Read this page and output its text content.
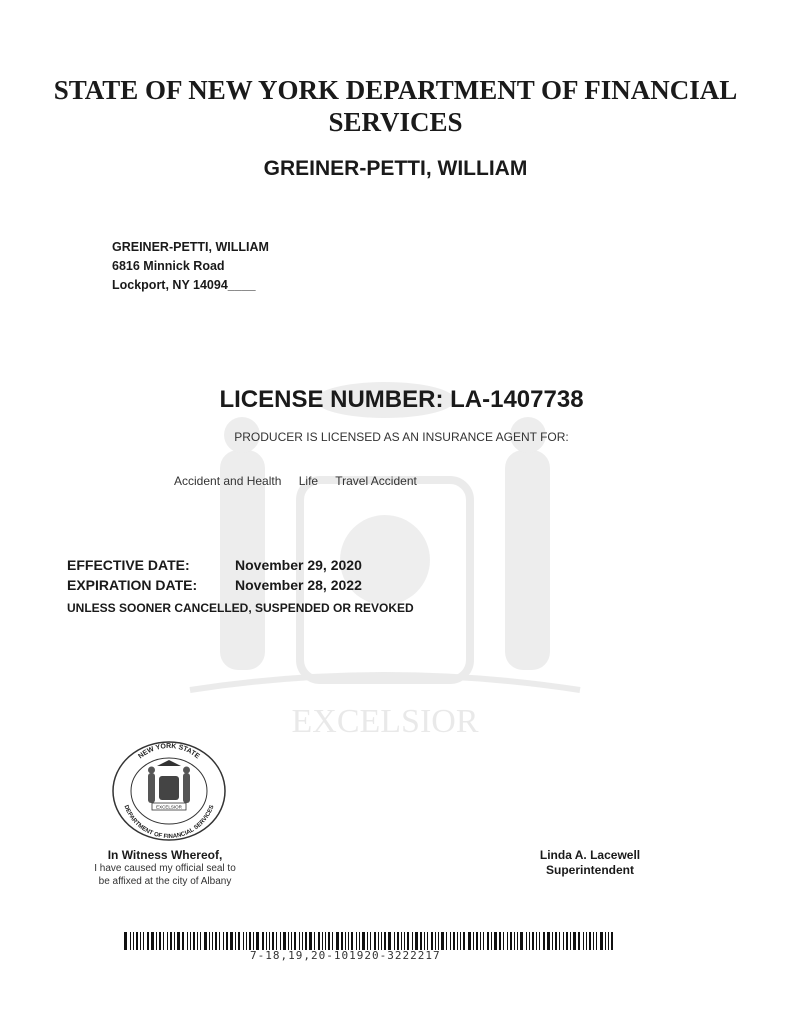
EXCELSIOR
STATE OF NEW YORK DEPARTMENT OF FINANCIAL SERVICES
GREINER-PETTI, WILLIAM
GREINER-PETTI, WILLIAM
6816 Minnick Road
Lockport, NY 14094____
LICENSE NUMBER: LA-1407738
PRODUCER IS LICENSED AS AN INSURANCE AGENT FOR:
Accident and Health Life Travel Accident
EFFECTIVE DATE:	November 29, 2020
EXPIRATION DATE:	November 28, 2022
UNLESS SOONER CANCELLED, SUSPENDED OR REVOKED
NEW YORK STATE
DEPARTMENT OF FINANCIAL SERVICES
EXCELSIOR
In Witness Whereof,
I have caused my official seal to
be affixed at the city of Albany
Linda A. Lacewell
Superintendent
7-18,19,20-101920-3222217
